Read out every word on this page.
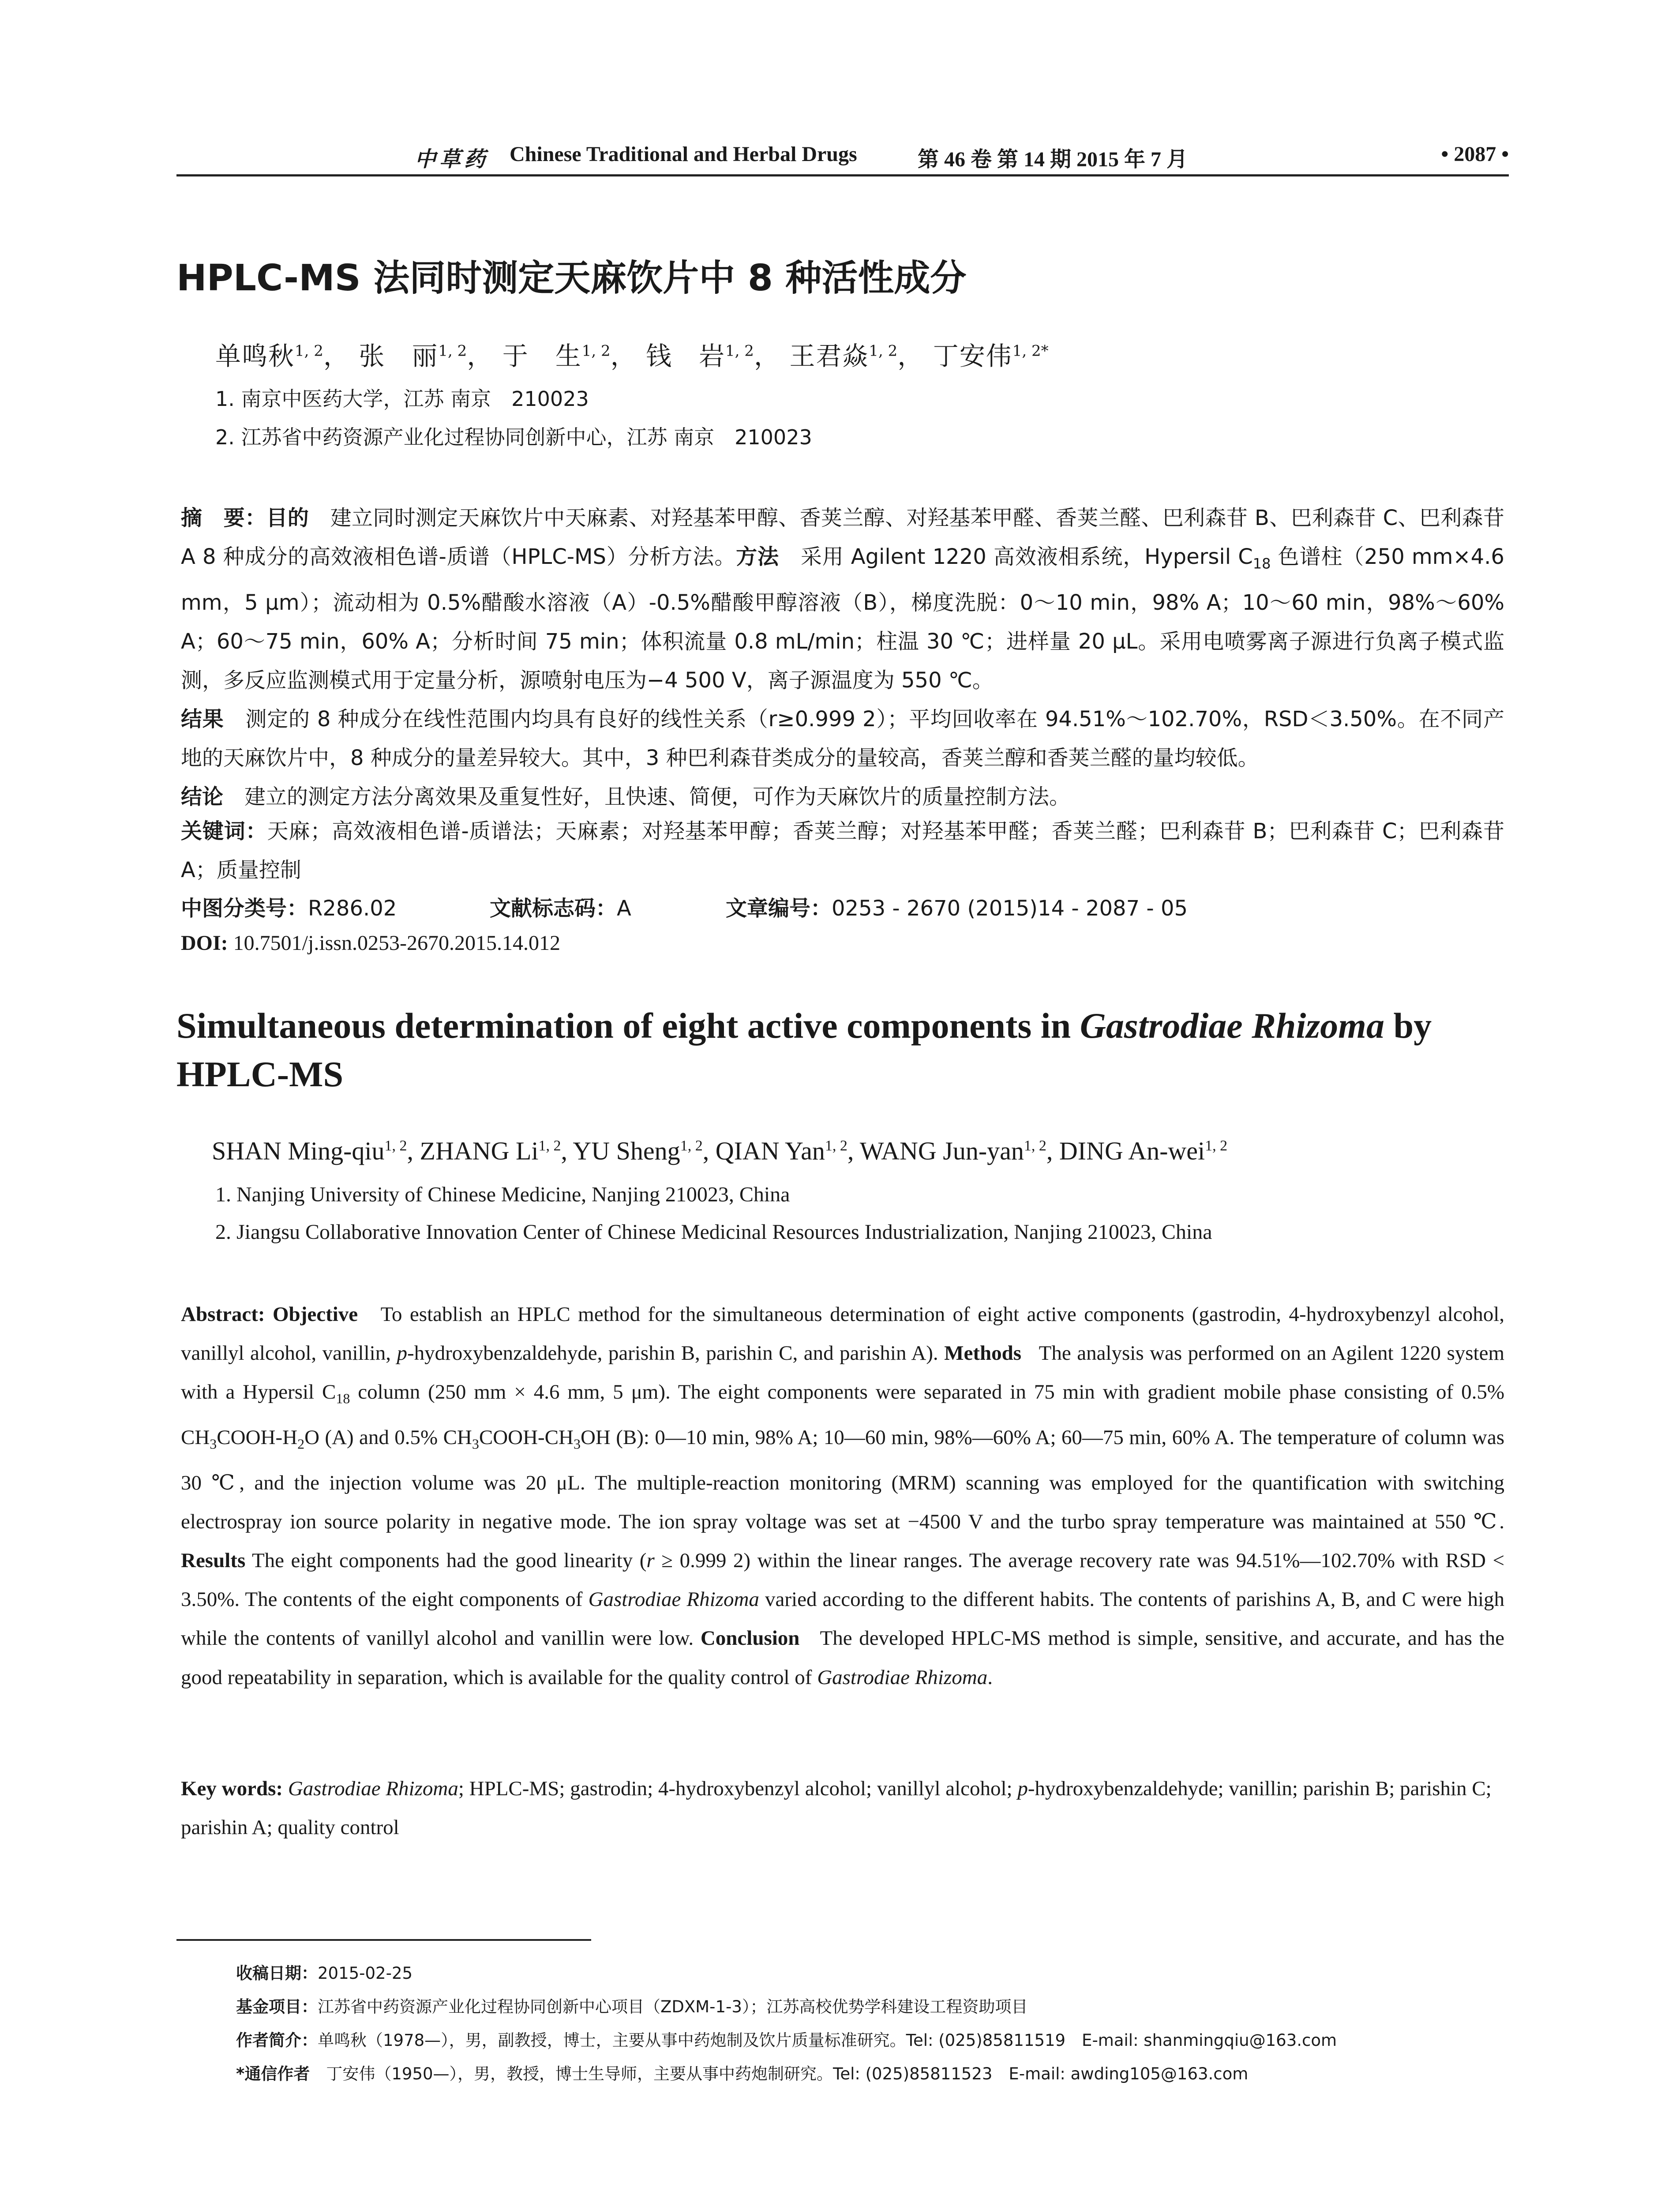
中草药 Chinese Traditional and Herbal Drugs	第 46 卷 第 14 期 2015 年 7 月	• 2087 •
HPLC-MS 法同时测定天麻饮片中 8 种活性成分
单鸣秋$^{1, 2}$， 张　丽$^{1, 2}$， 于　生$^{1, 2}$， 钱　岩$^{1, 2}$， 王君焱$^{1, 2}$， 丁安伟$^{1, 2*}$
1. 南京中医药大学，江苏 南京　210023
2. 江苏省中药资源产业化过程协同创新中心，江苏 南京　210023
摘　要：目的　 建立同时测定天麻饮片中天麻素、对羟基苯甲醇、香荚兰醇、对羟基苯甲醛、香荚兰醛、巴利森苷 B、巴利森苷 C、巴利森苷 A 8 种成分的高效液相色谱-质谱（HPLC-MS）分析方法。方法　 采用 Agilent 1220 高效液相系统，Hypersil $C_{18}$ 色谱柱（250 mm×4.6 mm，5 μm）；流动相为 0.5%醋酸水溶液（A）-0.5%醋酸甲醇溶液（B），梯度洗脱：0～10 min，98% A；10～60 min，98%～60% A；60～75 min，60% A；分析时间 75 min；体积流量 0.8 mL/min；柱温 30 ℃；进样量 20 μL。采用电喷雾离子源进行负离子模式监测，多反应监测模式用于定量分析，源喷射电压为−4 500 V，离子源温度为 550 ℃。
结果　 测定的 8 种成分在线性范围内均具有良好的线性关系（r≥0.999 2）；平均回收率在 94.51%～102.70%，RSD＜3.50%。在不同产地的天麻饮片中，8 种成分的量差异较大。其中，3 种巴利森苷类成分的量较高，香荚兰醇和香荚兰醛的量均较低。
结论　 建立的测定方法分离效果及重复性好，且快速、简便，可作为天麻饮片的质量控制方法。
关键词：天麻；高效液相色谱-质谱法；天麻素；对羟基苯甲醇；香荚兰醇；对羟基苯甲醛；香荚兰醛；巴利森苷 B；巴利森苷 C；巴利森苷 A；质量控制
中图分类号：R286.02	文献标志码：A	文章编号：0253 - 2670 (2015)14 - 2087 - 05
DOI: 10.7501/j.issn.0253-2670.2015.14.012
Simultaneous determination of eight active components in Gastrodiae Rhizoma by HPLC-MS
SHAN Ming-qiu$^{1, 2}$, ZHANG Li$^{1, 2}$, YU Sheng$^{1, 2}$, QIAN Yan$^{1, 2}$, WANG Jun-yan$^{1, 2}$, DING An-wei$^{1, 2}$
1. Nanjing University of Chinese Medicine, Nanjing 210023, China
2. Jiangsu Collaborative Innovation Center of Chinese Medicinal Resources Industrialization, Nanjing 210023, China
Abstract: Objective To establish an HPLC method for the simultaneous determination of eight active components (gastrodin, 4-hydroxybenzyl alcohol, vanillyl alcohol, vanillin, p-hydroxybenzaldehyde, parishin B, parishin C, and parishin A). Methods The analysis was performed on an Agilent 1220 system with a Hypersil $C_{18}$ column (250 mm × 4.6 mm, 5 μm). The eight components were separated in 75 min with gradient mobile phase consisting of 0.5% $CH_3COOH-H_2O$ (A) and 0.5% $CH_3COOH-CH_3OH$ (B): 0—10 min, 98% A; 10—60 min, 98%—60% A; 60—75 min, 60% A. The temperature of column was 30 ℃, and the injection volume was 20 μL. The multiple-reaction monitoring (MRM) scanning was employed for the quantification with switching electrospray ion source polarity in negative mode. The ion spray voltage was set at −4500 V and the turbo spray temperature was maintained at 550 ℃. Results The eight components had the good linearity (r ≥ 0.999 2) within the linear ranges. The average recovery rate was 94.51%—102.70% with RSD < 3.50%. The contents of the eight components of Gastrodiae Rhizoma varied according to the different habits. The contents of parishins A, B, and C were high while the contents of vanillyl alcohol and vanillin were low. Conclusion The developed HPLC-MS method is simple, sensitive, and accurate, and has the good repeatability in separation, which is available for the quality control of Gastrodiae Rhizoma.
Key words: Gastrodiae Rhizoma; HPLC-MS; gastrodin; 4-hydroxybenzyl alcohol; vanillyl alcohol; p-hydroxybenzaldehyde; vanillin; parishin B; parishin C; parishin A; quality control
收稿日期：2015-02-25
基金项目：江苏省中药资源产业化过程协同创新中心项目（ZDXM-1-3）；江苏高校优势学科建设工程资助项目
作者简介：单鸣秋（1978—），男，副教授，博士，主要从事中药炮制及饮片质量标准研究。Tel: (025)85811519　E-mail: shanmingqiu@163.com
*通信作者　 丁安伟（1950—），男，教授，博士生导师，主要从事中药炮制研究。Tel: (025)85811523　E-mail: awding105@163.com
